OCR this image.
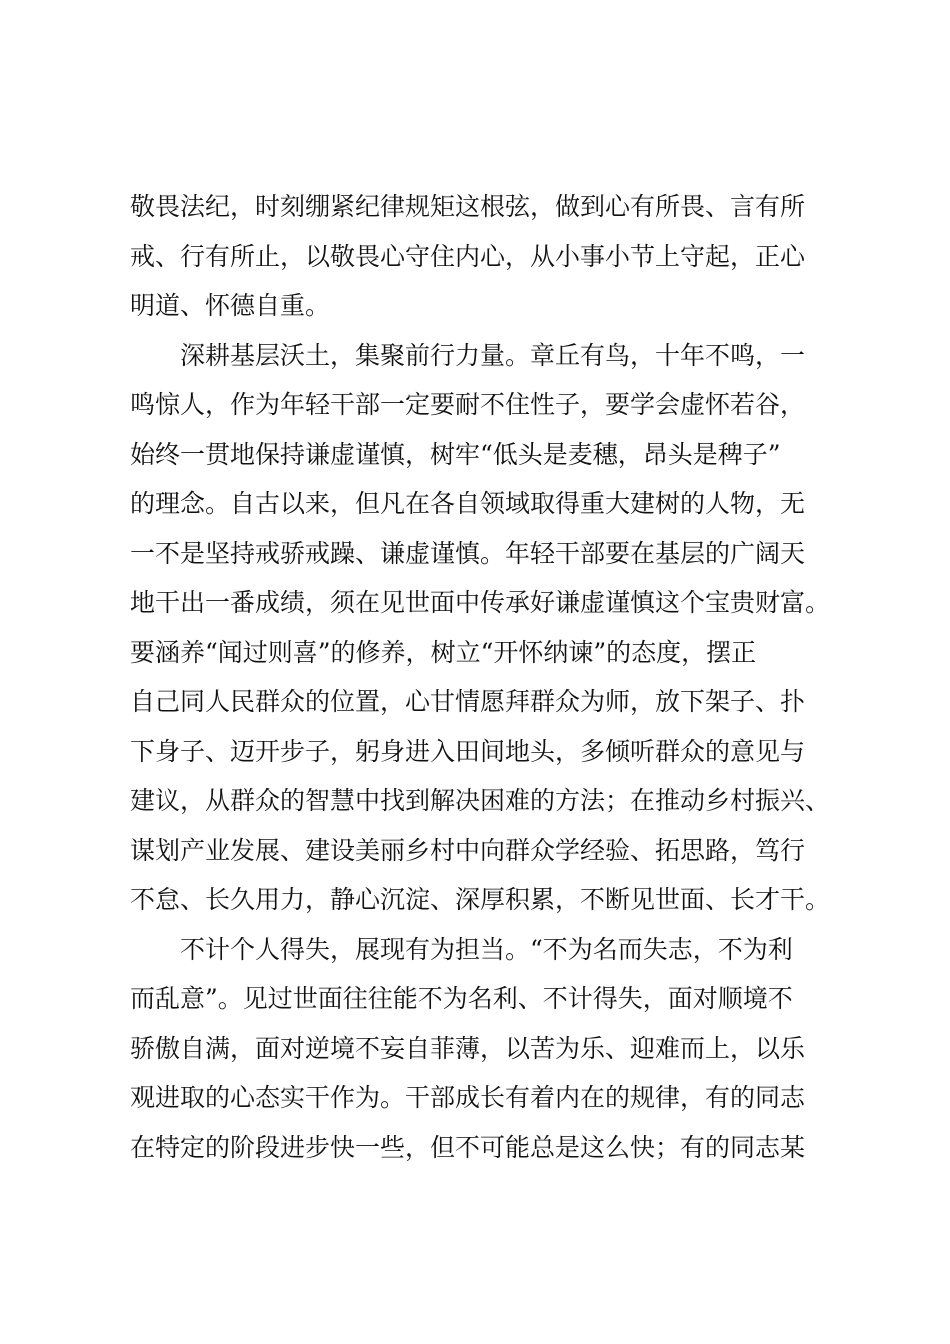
敬畏法纪，时刻绷紧纪律规矩这根弦，做到心有所畏、言有所
戒、行有所止，以敬畏心守住内心，从小事小节上守起，正心
明道、怀德自重。
深耕基层沃土，集聚前行力量。章丘有鸟，十年不鸣，一
鸣惊人，作为年轻干部一定要耐不住性子，要学会虚怀若谷，
始终一贯地保持谦虚谨慎，树牢“低头是麦穗，昂头是稗子”
的理念。自古以来，但凡在各自领域取得重大建树的人物，无
一不是坚持戒骄戒躁、谦虚谨慎。年轻干部要在基层的广阔天
地干出一番成绩，须在见世面中传承好谦虚谨慎这个宝贵财富。
要涵养“闻过则喜”的修养，树立“开怀纳谏”的态度，摆正
自己同人民群众的位置，心甘情愿拜群众为师，放下架子、扑
下身子、迈开步子，躬身进入田间地头，多倾听群众的意见与
建议，从群众的智慧中找到解决困难的方法；在推动乡村振兴、
谋划产业发展、建设美丽乡村中向群众学经验、拓思路，笃行
不怠、长久用力，静心沉淀、深厚积累，不断见世面、长才干。
不计个人得失，展现有为担当。“不为名而失志，不为利
而乱意”。见过世面往往能不为名利、不计得失，面对顺境不
骄傲自满，面对逆境不妄自菲薄，以苦为乐、迎难而上，以乐
观进取的心态实干作为。干部成长有着内在的规律，有的同志
在特定的阶段进步快一些，但不可能总是这么快；有的同志某
